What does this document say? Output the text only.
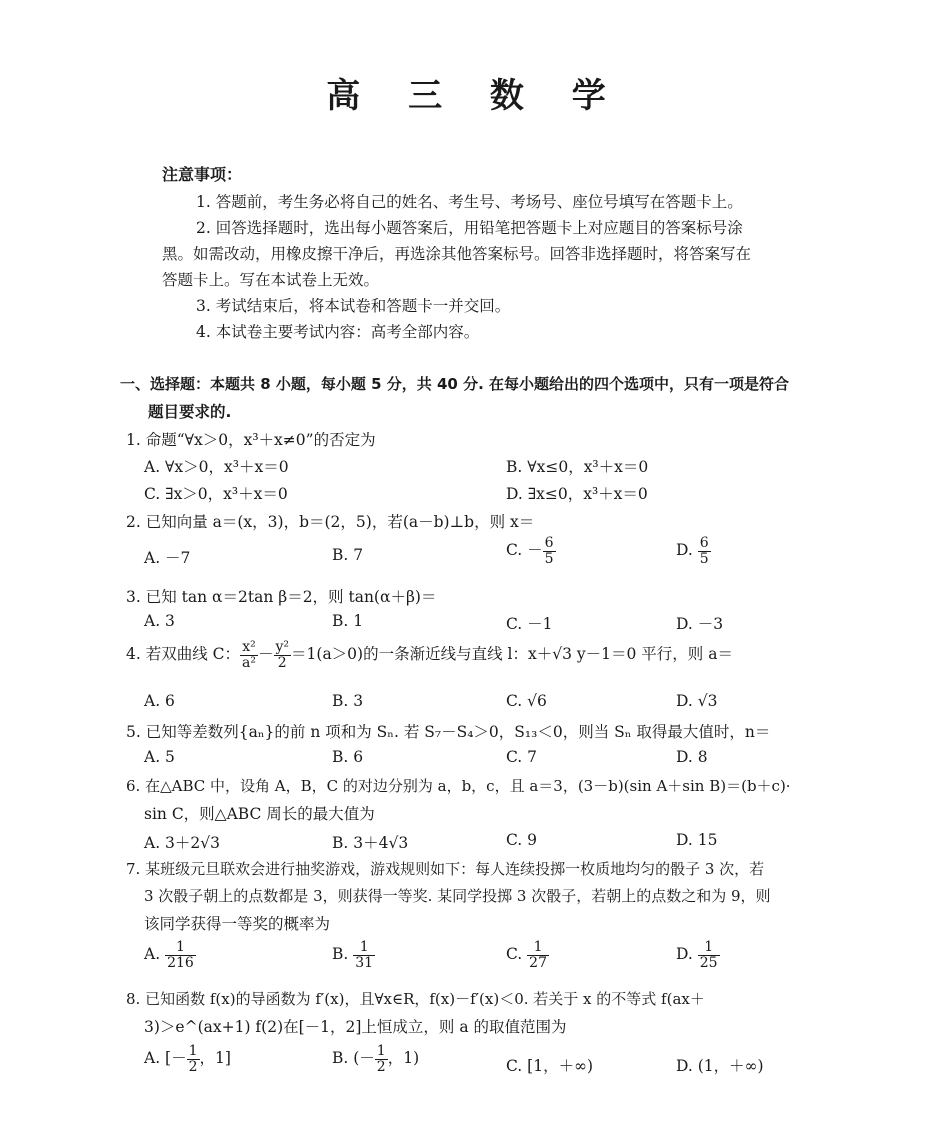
高 三 数 学
注意事项：
1. 答题前，考生务必将自己的姓名、考生号、考场号、座位号填写在答题卡上。
2. 回答选择题时，选出每小题答案后，用铅笔把答题卡上对应题目的答案标号涂
黑。如需改动，用橡皮擦干净后，再选涂其他答案标号。回答非选择题时，将答案写在
答题卡上。写在本试卷上无效。
3. 考试结束后，将本试卷和答题卡一并交回。
4. 本试卷主要考试内容：高考全部内容。
一、选择题：本题共 8 小题，每小题 5 分，共 40 分. 在每小题给出的四个选项中，只有一项是符合
题目要求的.
1. 命题“∀x＞0，x³＋x≠0”的否定为
A. ∀x＞0，x³＋x＝0	B. ∀x≤0，x³＋x＝0
C. ∃x＞0，x³＋x＝0	D. ∃x≤0，x³＋x＝0
2. 已知向量 a＝(x，3)，b＝(2，5)，若(a－b)⊥b，则 x＝
A. －7	B. 7	C. － $\frac{6}{5}$	D. $\frac{6}{5}$
3. 已知 tan α＝2tan β＝2，则 tan(α＋β)＝
A. 3	B. 1	C. －1	D. －3
4. 若双曲线 C： $\frac{\text{x²}}{\text{a²}} - \frac{\text{y²}}{2} =1(a>0)$的一条渐近线与直线 l：x＋√3 y－1＝0 平行，则 a＝
A. 6	B. 3	C. √6	D. √3
5. 已知等差数列{aₙ}的前 n 项和为 Sₙ. 若 S₇－S₄＞0，S₁₃＜0，则当 Sₙ 取得最大值时，n＝
A. 5	B. 6	C. 7	D. 8
6. 在△ABC 中，设角 A，B，C 的对边分别为 a，b，c，且 a＝3，(3－b)(sin A＋sin B)＝(b＋c)·
sin C，则△ABC 周长的最大值为
A. 3＋2√3	B. 3＋4√3	C. 9	D. 15
7. 某班级元旦联欢会进行抽奖游戏，游戏规则如下：每人连续投掷一枚质地均匀的骰子 3 次，若
3 次骰子朝上的点数都是 3，则获得一等奖. 某同学投掷 3 次骰子，若朝上的点数之和为 9，则
该同学获得一等奖的概率为
A. $\frac{1}{216}$	B. $\frac{1}{31}$	C. $\frac{1}{27}$	D. $\frac{1}{25}$
8. 已知函数 f(x)的导函数为 f′(x)，且∀x∈R，f(x)－f′(x)＜0. 若关于 x 的不等式 f(ax＋
3)＞e^(ax+1) f(2)在[－1，2]上恒成立，则 a 的取值范围为
A. [－ $\frac{1}{2}$ ，1]	B. (－ $\frac{1}{2}$ ，1)	C. [1，＋∞)	D. (1，＋∞)
